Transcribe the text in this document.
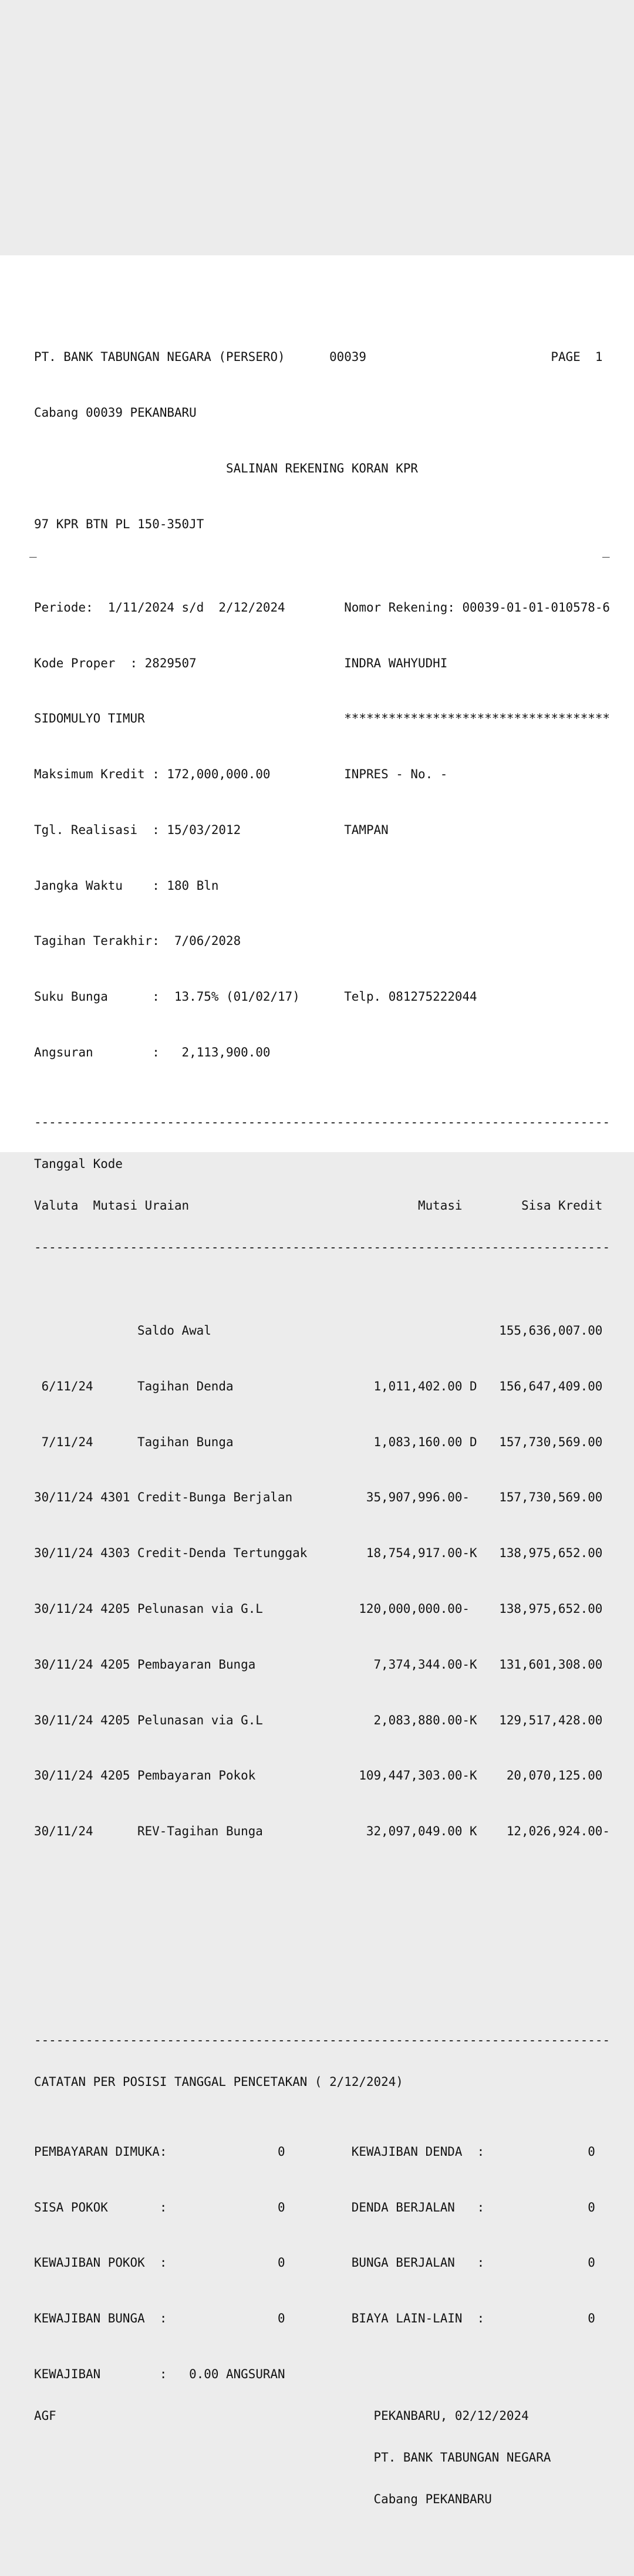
PT. BANK TABUNGAN NEGARA (PERSERO)	00039	PAGE  1

Cabang 00039 PEKANBARU

SALINAN REKENING KORAN KPR

97 KPR BTN PL 150-350JT

Periode:  1/11/2024 s/d  2/12/2024	Nomor Rekening: 00039-01-01-010578-6

Kode Proper  : 2829507	INDRA WAHYUDHI

SIDOMULYO TIMUR	************************************

Maksimum Kredit : 172,000,000.00	INPRES - No. -

Tgl. Realisasi  : 15/03/2012	TAMPAN

Jangka Waktu    : 180 Bln

Tagihan Terakhir:  7/06/2028

Suku Bunga      :  13.75% (01/02/17)	Telp. 081275222044

Angsuran        :   2,113,900.00

------------------------------------------------------------------------------

Tanggal Kode

Valuta  Mutasi Uraian                               Mutasi        Sisa Kredit

------------------------------------------------------------------------------

Saldo Awal	155,636,007.00

6/11/24	Tagihan Denda	1,011,402.00 D 156,647,409.00

7/11/24	Tagihan Bunga	1,083,160.00 D 157,730,569.00

30/11/24 4301 Credit-Bunga Berjalan	35,907,996.00- 157,730,569.00

30/11/24 4303 Credit-Denda Tertunggak	18,754,917.00-K 138,975,652.00

30/11/24 4205 Pelunasan via G.L	120,000,000.00- 138,975,652.00

30/11/24 4205 Pembayaran Bunga	7,374,344.00-K 131,601,308.00

30/11/24 4205 Pelunasan via G.L	2,083,880.00-K 129,517,428.00

30/11/24 4205 Pembayaran Pokok	109,447,303.00-K 20,070,125.00

30/11/24	REV-Tagihan Bunga	32,097,049.00 K 12,026,924.00-

------------------------------------------------------------------------------

CATATAN PER POSISI TANGGAL PENCETAKAN ( 2/12/2024)

PEMBAYARAN DIMUKA:	0	KEWAJIBAN DENDA  :	0

SISA POKOK       :	0	DENDA BERJALAN   :	0

KEWAJIBAN POKOK  :	0	BUNGA BERJALAN   :	0

KEWAJIBAN BUNGA  :	0	BIAYA LAIN-LAIN  :	0

KEWAJIBAN        :   0.00 ANGSURAN

AGF	PEKANBARU, 02/12/2024

PT. BANK TABUNGAN NEGARA

Cabang PEKANBARU

_	_
